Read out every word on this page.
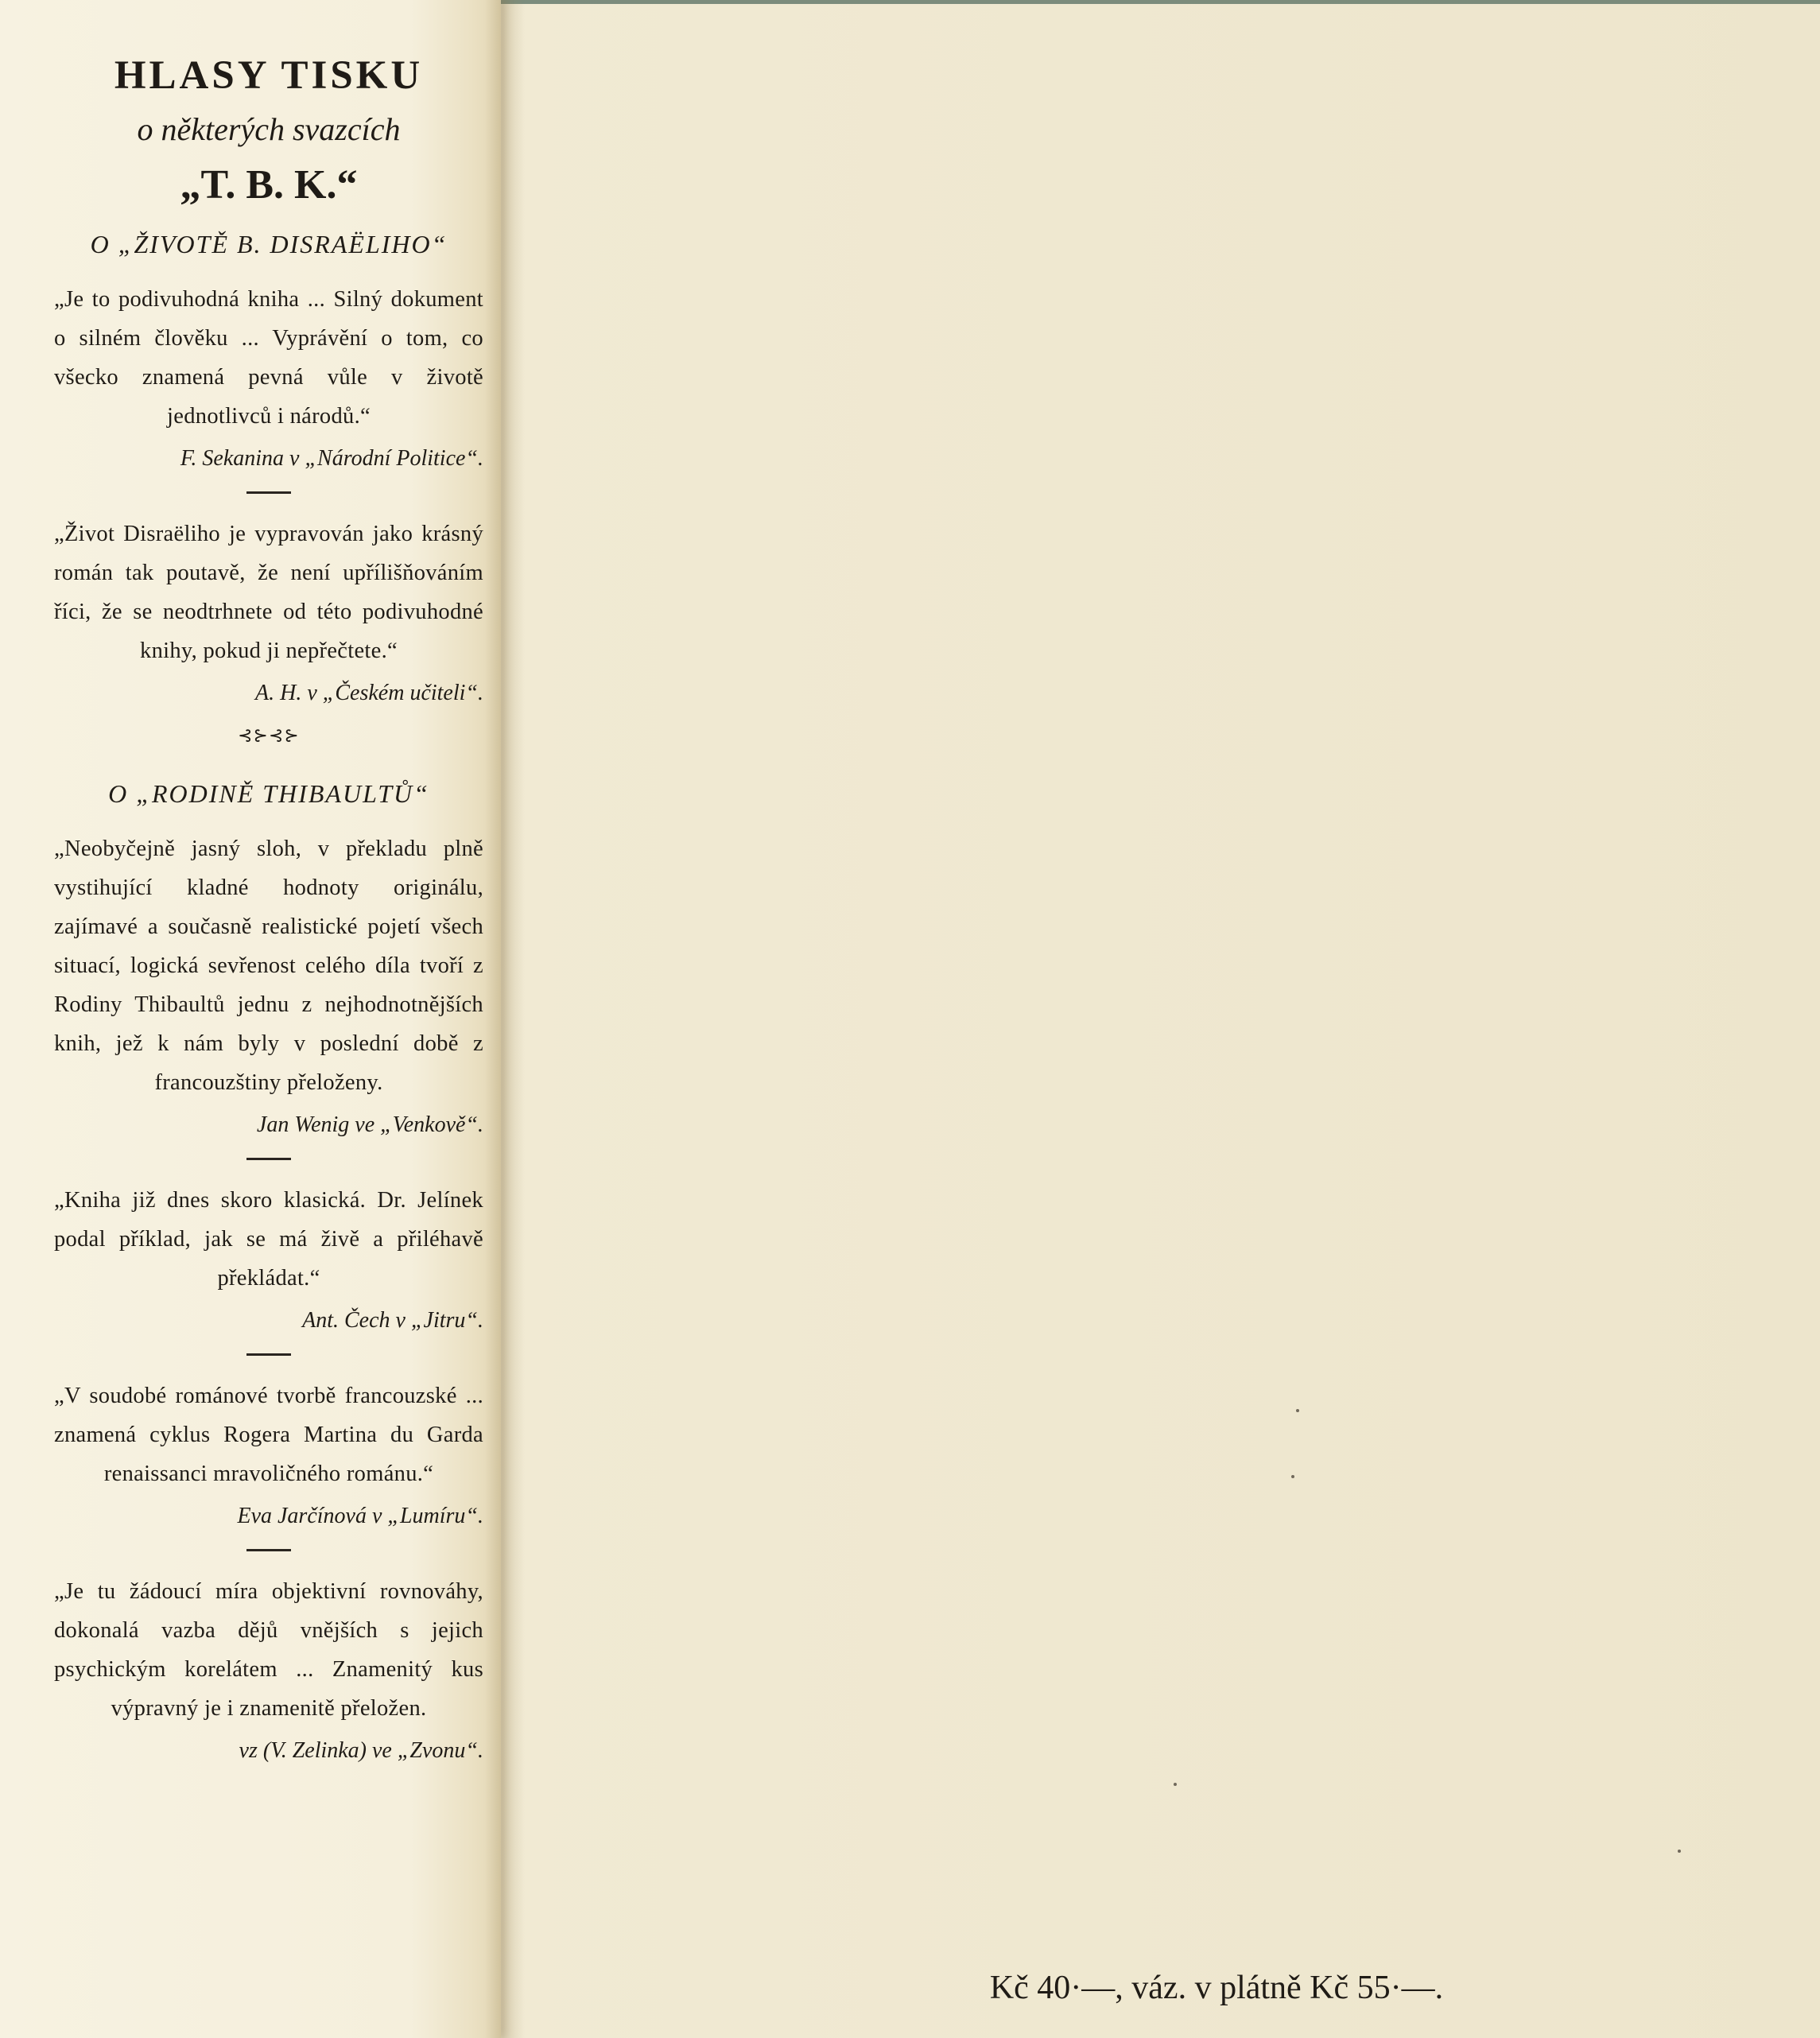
HLASY TISKU

o některých svazcích

„T. B. K.“

O „ŽIVOTĚ B. DISRAËLIHO“

„Je to podivuhodná kniha ... Silný dokument o silném člověku ... Vyprávění o tom, co všecko znamená pevná vůle v životě jednotlivců i národů.“

F. Sekanina v „Národní Politice“.

„Život Disraëliho je vypravován jako krásný román tak poutavě, že není upřílišňováním říci, že se neodtrhnete od této podivuhodné knihy, pokud ji nepřečtete.“

A. H. v „Českém učiteli“.

⊰⊱⊰⊱

O „RODINĚ THIBAULTŮ“

„Neobyčejně jasný sloh, v překladu plně vystihující kladné hodnoty originálu, zajímavé a současně realistické pojetí všech situací, logická sevřenost celého díla tvoří z Rodiny Thibaultů jednu z nejhodnotnějších knih, jež k nám byly v poslední době z francouzštiny přeloženy.

Jan Wenig ve „Venkově“.

„Kniha již dnes skoro klasická. Dr. Jelínek podal příklad, jak se má živě a přiléhavě překládat.“

Ant. Čech v „Jitru“.

„V soudobé románové tvorbě francouzské ... znamená cyklus Rogera Martina du Garda renaissanci mravoličného románu.“

Eva Jarčínová v „Lumíru“.

„Je tu žádoucí míra objektivní rovnováhy, dokonalá vazba dějů vnějších s jejich psychickým korelátem ... Znamenitý kus výpravný je i znamenitě přeložen.

vz (V. Zelinka) ve „Zvonu“.

Kč 40·—, váz. v plátně Kč 55·—.
